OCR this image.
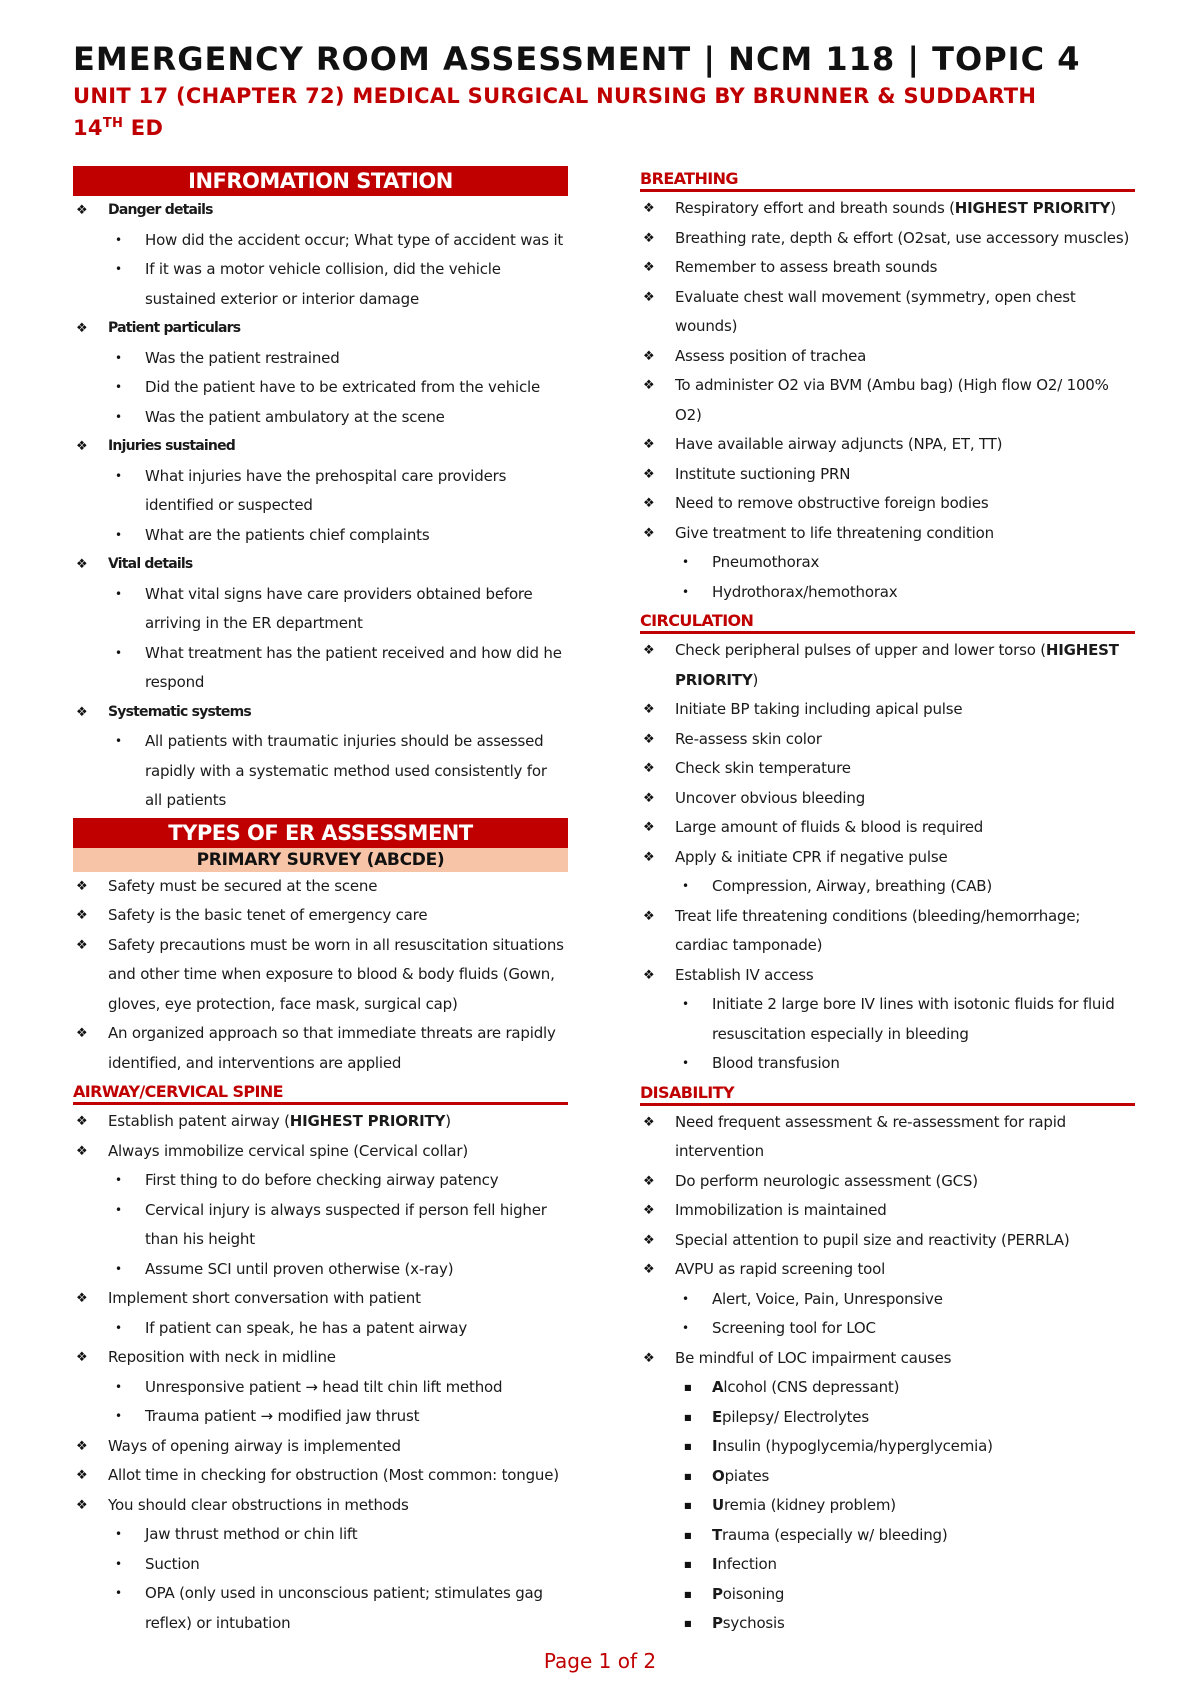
EMERGENCY ROOM ASSESSMENT | NCM 118 | TOPIC 4
UNIT 17 (CHAPTER 72) MEDICAL SURGICAL NURSING BY BRUNNER & SUDDARTH 14TH ED
INFROMATION STATION
❖ Danger details
• How did the accident occur; What type of accident was it
• If it was a motor vehicle collision, did the vehicle sustained exterior or interior damage
❖ Patient particulars
• Was the patient restrained
• Did the patient have to be extricated from the vehicle
• Was the patient ambulatory at the scene
❖ Injuries sustained
• What injuries have the prehospital care providers identified or suspected
• What are the patients chief complaints
❖ Vital details
• What vital signs have care providers obtained before arriving in the ER department
• What treatment has the patient received and how did he respond
❖ Systematic systems
• All patients with traumatic injuries should be assessed rapidly with a systematic method used consistently for all patients
TYPES OF ER ASSESSMENT
PRIMARY SURVEY (ABCDE)
❖ Safety must be secured at the scene
❖ Safety is the basic tenet of emergency care
❖ Safety precautions must be worn in all resuscitation situations and other time when exposure to blood & body fluids (Gown, gloves, eye protection, face mask, surgical cap)
❖ An organized approach so that immediate threats are rapidly identified, and interventions are applied
AIRWAY/CERVICAL SPINE
❖ Establish patent airway (HIGHEST PRIORITY)
❖ Always immobilize cervical spine (Cervical collar)
• First thing to do before checking airway patency
• Cervical injury is always suspected if person fell higher than his height
• Assume SCI until proven otherwise (x-ray)
❖ Implement short conversation with patient
• If patient can speak, he has a patent airway
❖ Reposition with neck in midline
• Unresponsive patient → head tilt chin lift method
• Trauma patient → modified jaw thrust
❖ Ways of opening airway is implemented
❖ Allot time in checking for obstruction (Most common: tongue)
❖ You should clear obstructions in methods
• Jaw thrust method or chin lift
• Suction
• OPA (only used in unconscious patient; stimulates gag reflex) or intubation
BREATHING
❖ Respiratory effort and breath sounds (HIGHEST PRIORITY)
❖ Breathing rate, depth & effort (O2sat, use accessory muscles)
❖ Remember to assess breath sounds
❖ Evaluate chest wall movement (symmetry, open chest wounds)
❖ Assess position of trachea
❖ To administer O2 via BVM (Ambu bag) (High flow O2/ 100% O2)
❖ Have available airway adjuncts (NPA, ET, TT)
❖ Institute suctioning PRN
❖ Need to remove obstructive foreign bodies
❖ Give treatment to life threatening condition
• Pneumothorax
• Hydrothorax/hemothorax
CIRCULATION
❖ Check peripheral pulses of upper and lower torso (HIGHEST PRIORITY)
❖ Initiate BP taking including apical pulse
❖ Re-assess skin color
❖ Check skin temperature
❖ Uncover obvious bleeding
❖ Large amount of fluids & blood is required
❖ Apply & initiate CPR if negative pulse
• Compression, Airway, breathing (CAB)
❖ Treat life threatening conditions (bleeding/hemorrhage; cardiac tamponade)
❖ Establish IV access
• Initiate 2 large bore IV lines with isotonic fluids for fluid resuscitation especially in bleeding
• Blood transfusion
DISABILITY
❖ Need frequent assessment & re-assessment for rapid intervention
❖ Do perform neurologic assessment (GCS)
❖ Immobilization is maintained
❖ Special attention to pupil size and reactivity (PERRLA)
❖ AVPU as rapid screening tool
• Alert, Voice, Pain, Unresponsive
• Screening tool for LOC
❖ Be mindful of LOC impairment causes
■ Alcohol (CNS depressant)
■ Epilepsy/ Electrolytes
■ Insulin (hypoglycemia/hyperglycemia)
■ Opiates
■ Uremia (kidney problem)
■ Trauma (especially w/ bleeding)
■ Infection
■ Poisoning
■ Psychosis
Page 1 of 2
